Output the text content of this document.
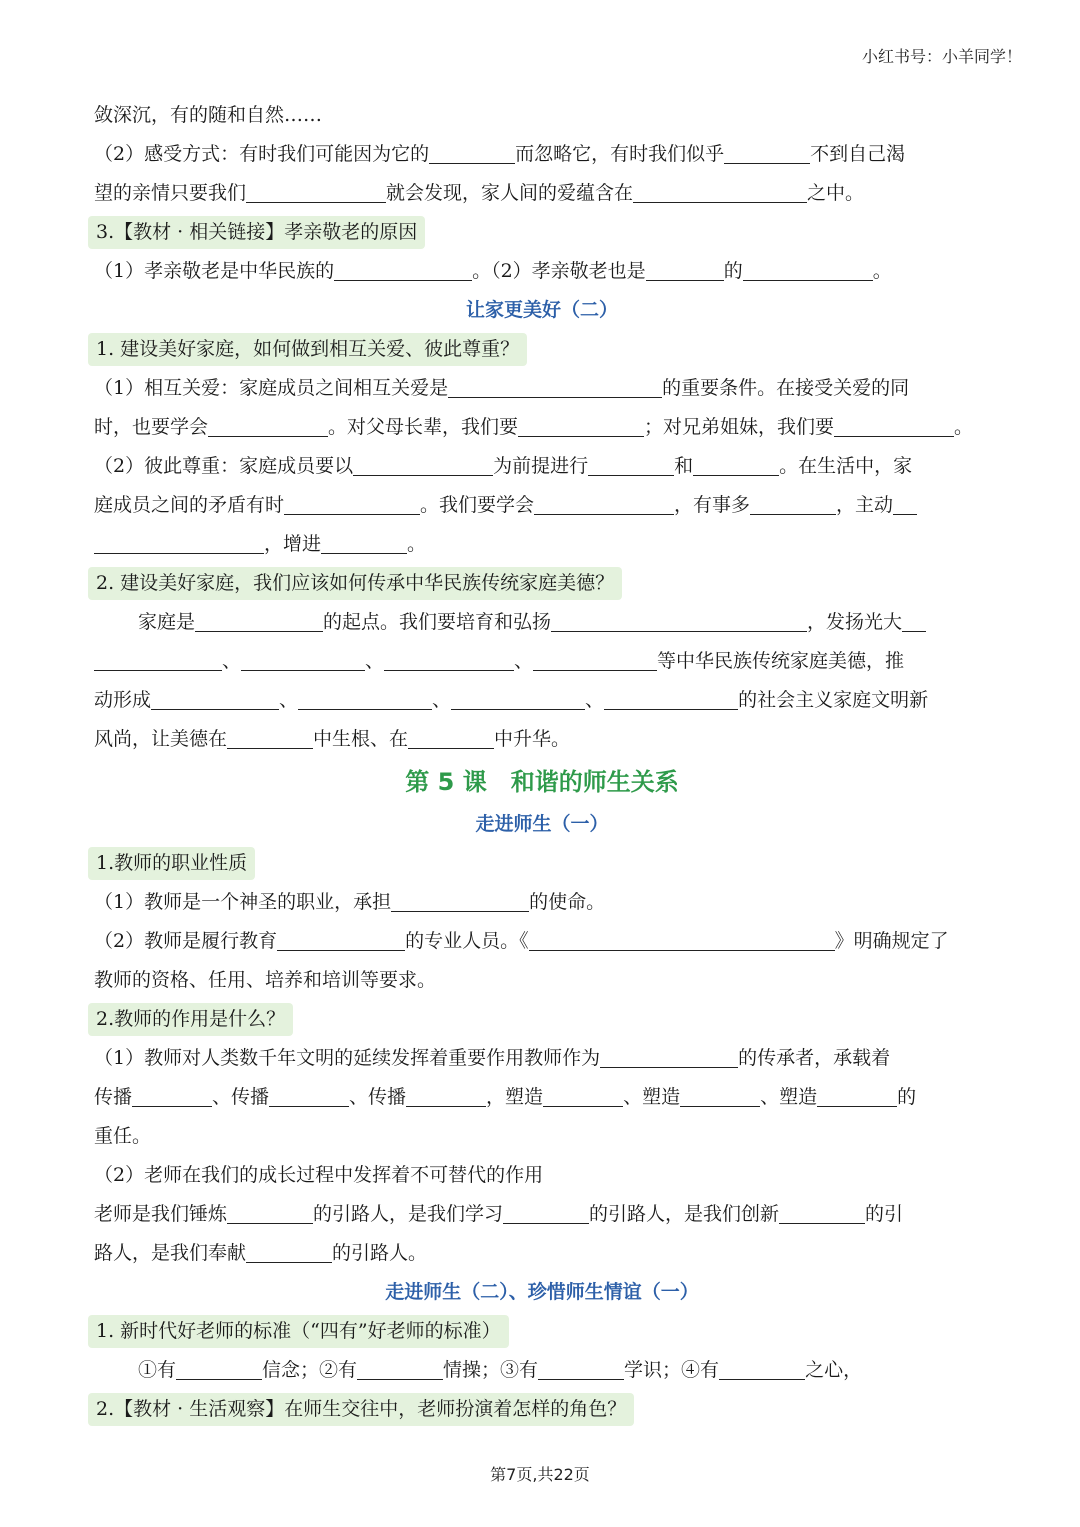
小红书号：小羊同学！
敛深沉，有的随和自然……
（2）感受方式：有时我们可能因为它的	而忽略它，有时我们似乎	不到自己渴
望的亲情只要我们	就会发现，家人间的爱蕴含在	之中。
3.【教材 · 相关链接】孝亲敬老的原因
（1）孝亲敬老是中华民族的	。（2）孝亲敬老也是	的	。
让家更美好（二）
1. 建设美好家庭，如何做到相互关爱、彼此尊重？
（1）相互关爱：家庭成员之间相互关爱是	的重要条件。在接受关爱的同
时，也要学会	。对父母长辈，我们要	；对兄弟姐妹，我们要	。
（2）彼此尊重：家庭成员要以	为前提进行	和	。在生活中，家
庭成员之间的矛盾有时	。我们要学会	，有事多	，主动
，增进	。
2. 建设美好家庭，我们应该如何传承中华民族传统家庭美德？
家庭是	的起点。我们要培育和弘扬	，发扬光大
、	、	、	等中华民族传统家庭美德，推
动形成	、	、	、	的社会主义家庭文明新
风尚，让美德在	中生根、在	中升华。
第 5 课 和谐的师生关系
走进师生（一）
1.教师的职业性质
（1）教师是一个神圣的职业，承担	的使命。
（2）教师是履行教育	的专业人员。《	》明确规定了
教师的资格、任用、培养和培训等要求。
2.教师的作用是什么？
（1）教师对人类数千年文明的延续发挥着重要作用教师作为	的传承者，承载着
传播	、传播	、传播	，塑造	、塑造	、塑造	的
重任。
（2）老师在我们的成长过程中发挥着不可替代的作用
老师是我们锤炼	的引路人，是我们学习	的引路人，是我们创新	的引
路人，是我们奉献	的引路人。
走进师生（二）、珍惜师生情谊（一）
1. 新时代好老师的标准（“四有”好老师的标准）
①有	信念；②有	情操；③有	学识；④有	之心，
2.【教材 · 生活观察】在师生交往中，老师扮演着怎样的角色？
第7页,共22页
